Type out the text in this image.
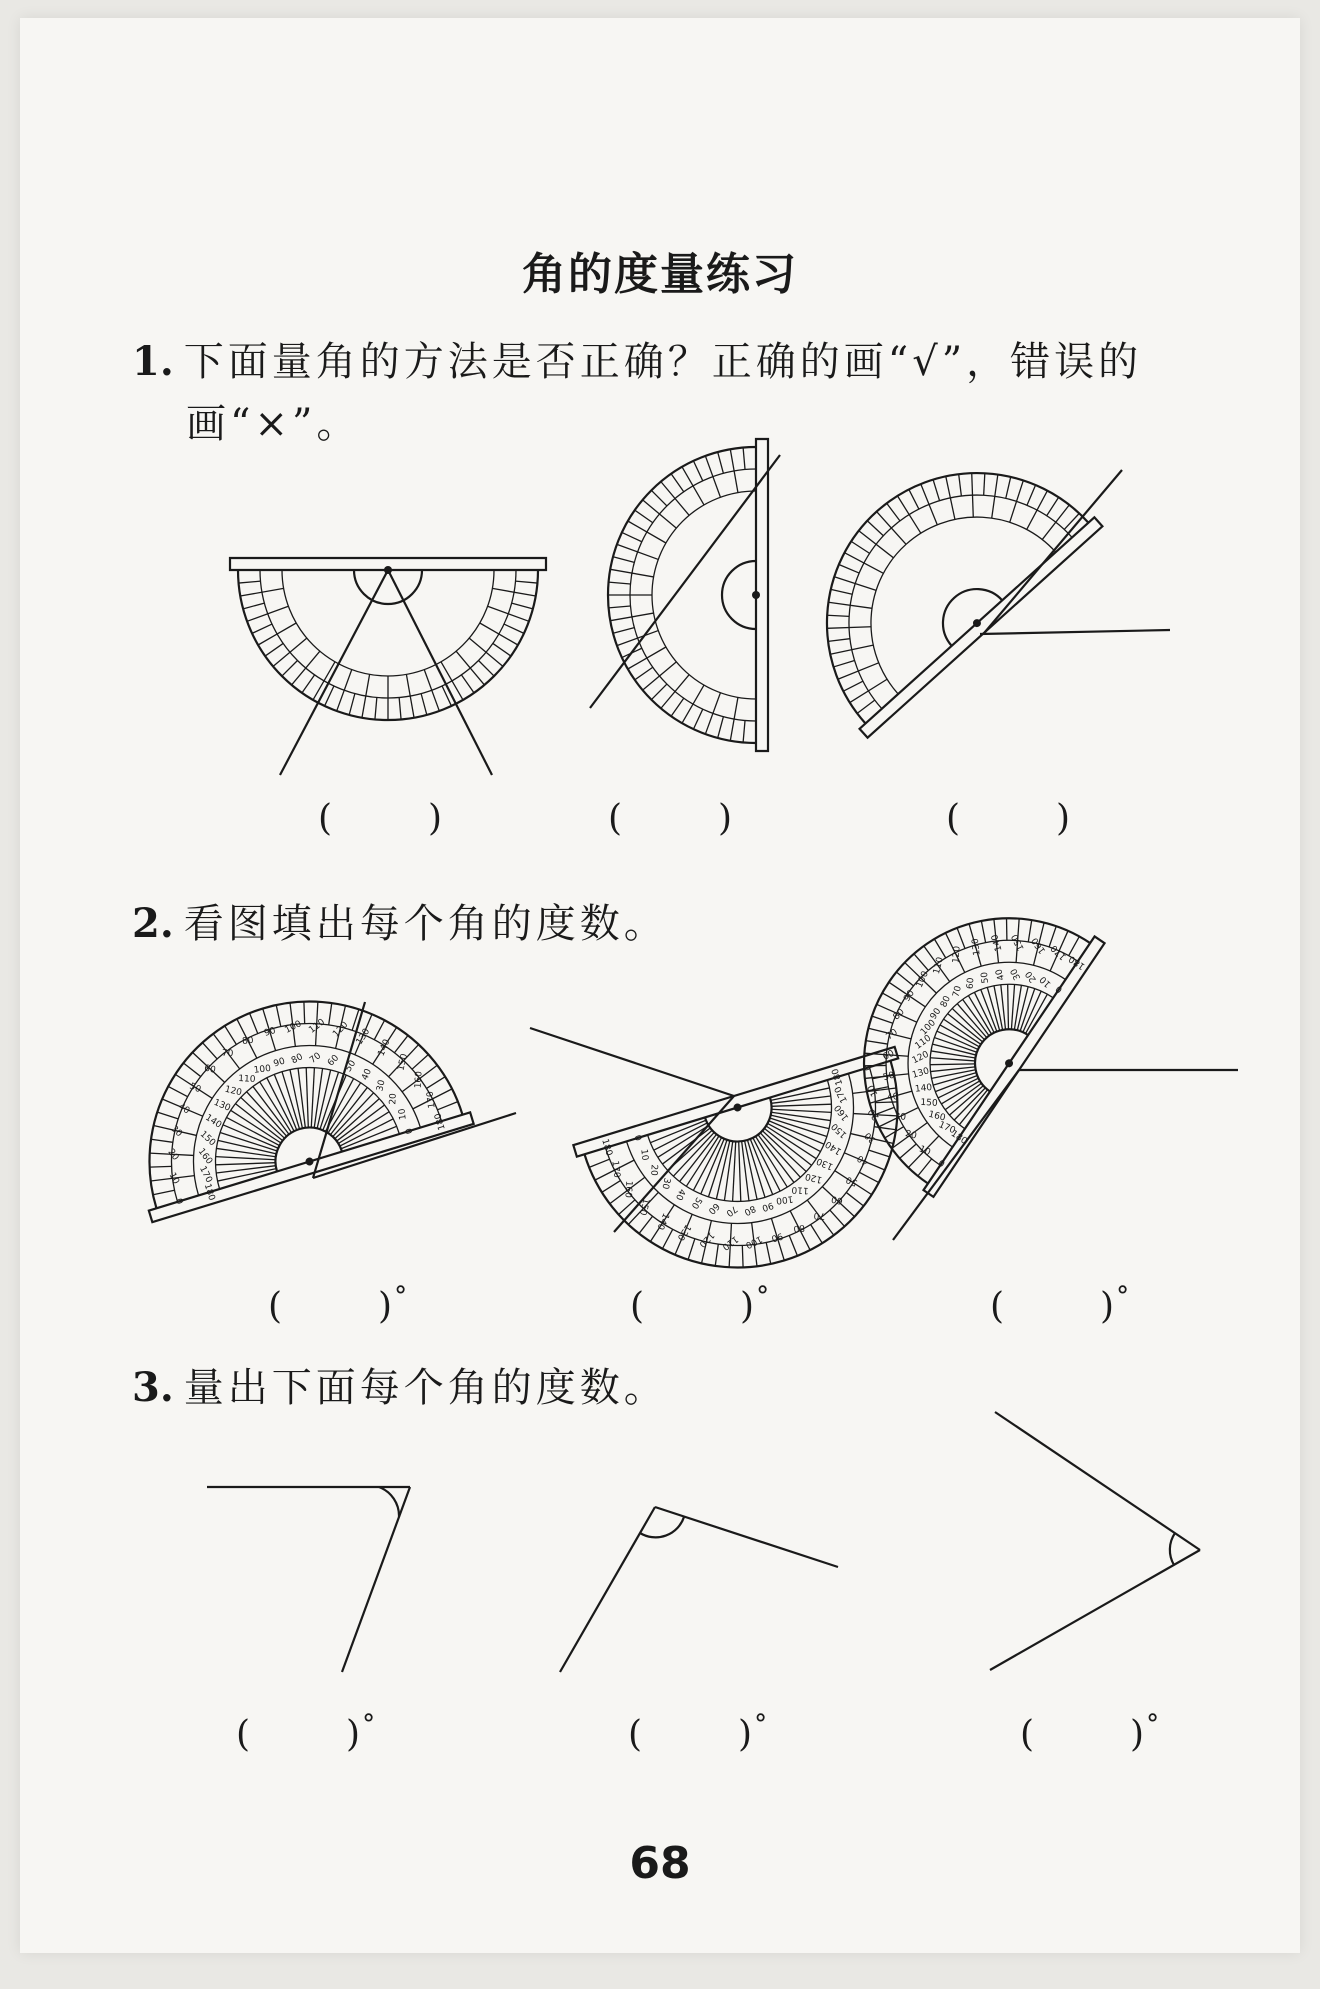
角的度量练习
1. 下面量角的方法是否正确？正确的画“√”，错误的
画“×”。
(	)	(	)	(	)
2. 看图填出每个角的度数。
(	)°	(	)°	(	)°
3. 量出下面每个角的度数。
(	)°	(	)°	(	)°
0 180
10 170
20 160
30 150
40
140
50
130
60
120
70
110
80
100
90
90
100
80
110
70
120
60
130
50
140
40
150
30	160
20	170
10	180
0
0
180
10
170
20
160
30
150
40
140
50
130
60
120
70
110
80
100
90
90
100
80
110
70
120
60
130
50
140
40
150
30
160
20
170
10
180 0
0
180
10
170
20
160
30
150
40
140
50 130
60 120
70 110
80
100
90
90
100
80
110
70
120
60
130
50
140
40
150
30
160
20
170
10
180
0
68
